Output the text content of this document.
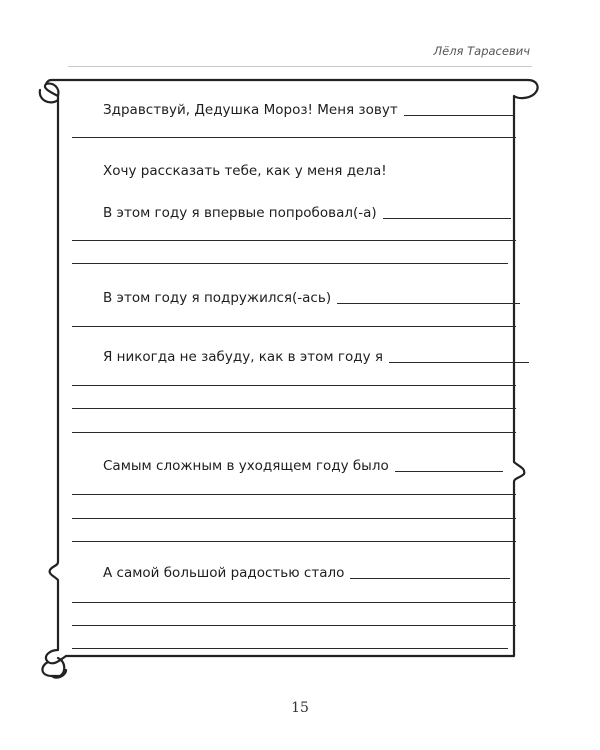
Лёля Тарасевич
Здравствуй, Дедушка Мороз! Меня зовут
Хочу рассказать тебе, как у меня дела!
В этом году я впервые попробовал(-а)
В этом году я подружился(-ась)
Я никогда не забуду, как в этом году я
Самым сложным в уходящем году было
А самой большой радостью стало
15
